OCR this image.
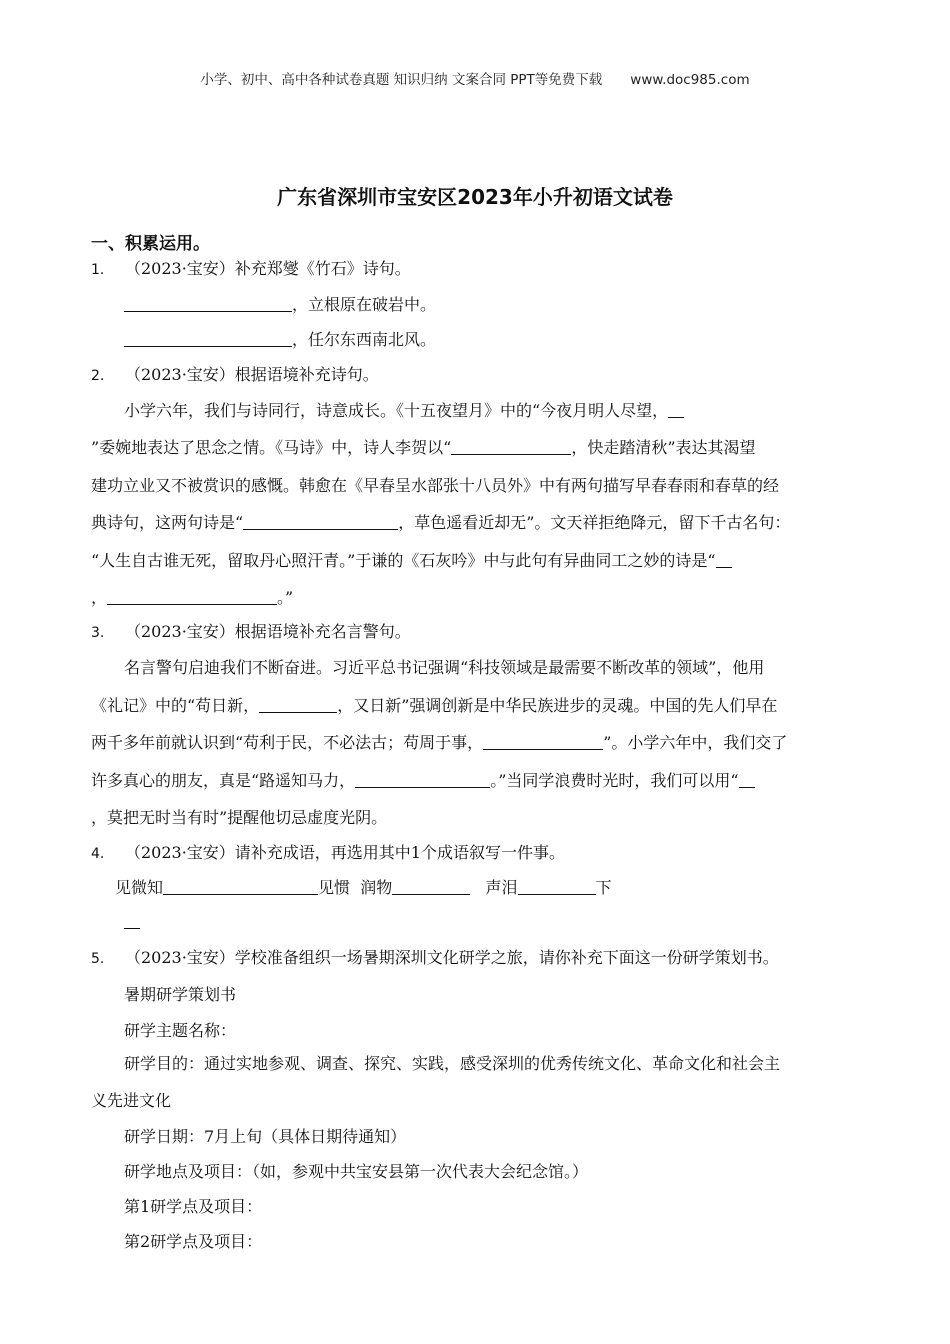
小学、初中、高中各种试卷真题 知识归纳 文案合同 PPT等免费下载 www.doc985.com
广东省深圳市宝安区2023年小升初语文试卷
一、积累运用。
1. （2023·宝安）补充郑燮《竹石》诗句。
，立根原在破岩中。
，任尔东西南北风。
2. （2023·宝安）根据语境补充诗句。
小学六年，我们与诗同行，诗意成长。《十五夜望月》中的“今夜月明人尽望，
”委婉地表达了思念之情。《马诗》中，诗人李贺以“	，快走踏清秋”表达其渴望
建功立业又不被赏识的感慨。韩愈在《早春呈水部张十八员外》中有两句描写早春春雨和春草的经
典诗句，这两句诗是“	，草色遥看近却无”。文天祥拒绝降元，留下千古名句：
“人生自古谁无死，留取丹心照汗青。”于谦的《石灰吟》中与此句有异曲同工之妙的诗是“
，	。”
3. （2023·宝安）根据语境补充名言警句。
名言警句启迪我们不断奋进。习近平总书记强调“科技领域是最需要不断改革的领域”，他用
《礼记》中的“苟日新，	，又日新”强调创新是中华民族进步的灵魂。中国的先人们早在
两千多年前就认识到“苟利于民，不必法古；苟周于事，	”。小学六年中，我们交了
许多真心的朋友，真是“路遥知马力，	。”当同学浪费时光时，我们可以用“
，莫把无时当有时”提醒他切忌虚度光阴。
4. （2023·宝安）请补充成语，再选用其中1个成语叙写一件事。
见微知	见惯 润物	声泪	下
5. （2023·宝安）学校准备组织一场暑期深圳文化研学之旅，请你补充下面这一份研学策划书。
暑期研学策划书
研学主题名称：
研学目的：通过实地参观、调查、探究、实践，感受深圳的优秀传统文化、革命文化和社会主
义先进文化
研学日期：7月上旬（具体日期待通知）
研学地点及项目：（如，参观中共宝安县第一次代表大会纪念馆。）
第1研学点及项目：
第2研学点及项目：
